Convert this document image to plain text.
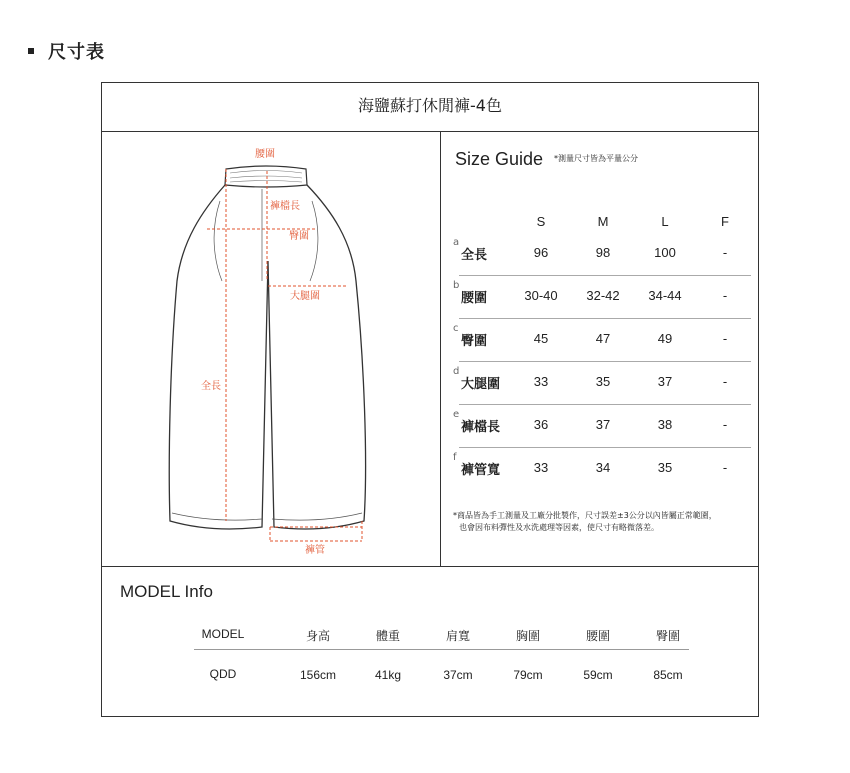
尺寸表
海鹽蘇打休閒褲-4色
腰圍
褲檔長
臀圍
大腿圍
全長
褲管
Size Guide *測量尺寸皆為平量公分
S	M	L	F
a
全長	96	98	100	-
b
腰圍	30-40	32-42	34-44	-
c
臀圍	45	47	49	-
d
大腿圍	33	35	37	-
e
褲檔長	36	37	38	-
f
褲管寬	33	34	35	-
*商品皆為手工測量及工廠分批製作，尺寸誤差±3公分以內皆屬正常範圍，
也會因布料彈性及水洗處理等因素，使尺寸有略微落差。
MODEL Info
MODEL	身高	體重	肩寬	胸圍	腰圍	臀圍
QDD	156cm	41kg	37cm	79cm	59cm	85cm
